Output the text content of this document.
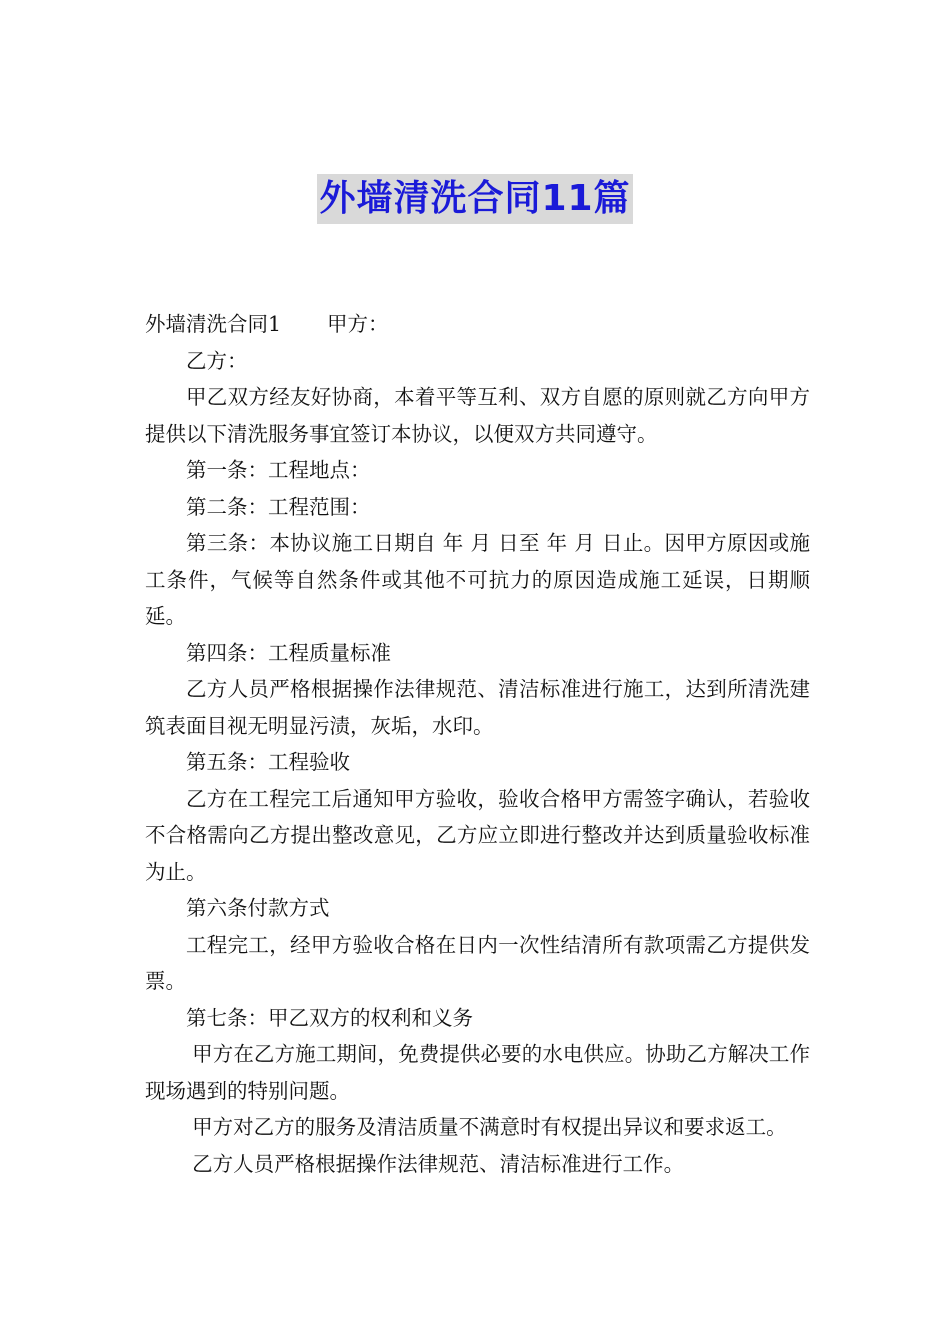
外墙清洗合同11篇

外墙清洗合同1 甲方：

乙方：

甲乙双方经友好协商，本着平等互利、双方自愿的原则就乙方向甲方提供以下清洗服务事宜签订本协议，以便双方共同遵守。

第一条：工程地点：

第二条：工程范围：

第三条：本协议施工日期自 年 月 日至 年 月 日止。因甲方原因或施工条件，气候等自然条件或其他不可抗力的原因造成施工延误，日期顺延。

第四条：工程质量标准

乙方人员严格根据操作法律规范、清洁标准进行施工，达到所清洗建筑表面目视无明显污渍，灰垢，水印。

第五条：工程验收

乙方在工程完工后通知甲方验收，验收合格甲方需签字确认，若验收不合格需向乙方提出整改意见，乙方应立即进行整改并达到质量验收标准为止。

第六条付款方式

工程完工，经甲方验收合格在日内一次性结清所有款项需乙方提供发票。

第七条：甲乙双方的权利和义务

甲方在乙方施工期间，免费提供必要的水电供应。协助乙方解决工作现场遇到的特别问题。

甲方对乙方的服务及清洁质量不满意时有权提出异议和要求返工。

乙方人员严格根据操作法律规范、清洁标准进行工作。
